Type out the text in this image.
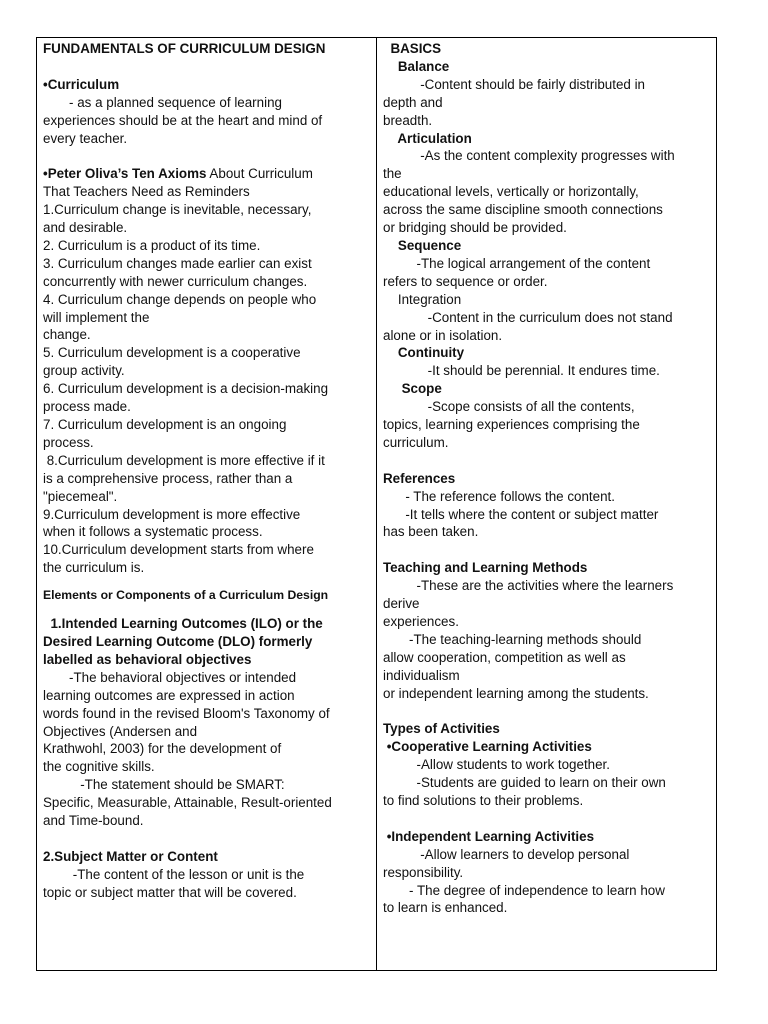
FUNDAMENTALS OF CURRICULUM DESIGN
•Curriculum
- as a planned sequence of learning
experiences should be at the heart and mind of
every teacher.
•Peter Oliva’s Ten Axioms About Curriculum
That Teachers Need as Reminders
1.Curriculum change is inevitable, necessary,
and desirable.
2. Curriculum is a product of its time.
3. Curriculum changes made earlier can exist
concurrently with newer curriculum changes.
4. Curriculum change depends on people who
will implement the
change.
5. Curriculum development is a cooperative
group activity.
6. Curriculum development is a decision-making
process made.
7. Curriculum development is an ongoing
process.
8.Curriculum development is more effective if it
is a comprehensive process, rather than a
"piecemeal".
9.Curriculum development is more effective
when it follows a systematic process.
10.Curriculum development starts from where
the curriculum is.
Elements or Components of a Curriculum Design
1.Intended Learning Outcomes (ILO) or the
Desired Learning Outcome (DLO) formerly
labelled as behavioral objectives
-The behavioral objectives or intended
learning outcomes are expressed in action
words found in the revised Bloom's Taxonomy of
Objectives (Andersen and
Krathwohl, 2003) for the development of
the cognitive skills.
-The statement should be SMART:
Specific, Measurable, Attainable, Result-oriented
and Time-bound.
2.Subject Matter or Content
-The content of the lesson or unit is the
topic or subject matter that will be covered.
BASICS
Balance
-Content should be fairly distributed in
depth and
breadth.
Articulation
-As the content complexity progresses with
the
educational levels, vertically or horizontally,
across the same discipline smooth connections
or bridging should be provided.
Sequence
-The logical arrangement of the content
refers to sequence or order.
Integration
-Content in the curriculum does not stand
alone or in isolation.
Continuity
-It should be perennial. It endures time.
Scope
-Scope consists of all the contents,
topics, learning experiences comprising the
curriculum.
References
- The reference follows the content.
-It tells where the content or subject matter
has been taken.
Teaching and Learning Methods
-These are the activities where the learners
derive
experiences.
-The teaching-learning methods should
allow cooperation, competition as well as
individualism
or independent learning among the students.
Types of Activities
•Cooperative Learning Activities
-Allow students to work together.
-Students are guided to learn on their own
to find solutions to their problems.
•Independent Learning Activities
-Allow learners to develop personal
responsibility.
- The degree of independence to learn how
to learn is enhanced.
